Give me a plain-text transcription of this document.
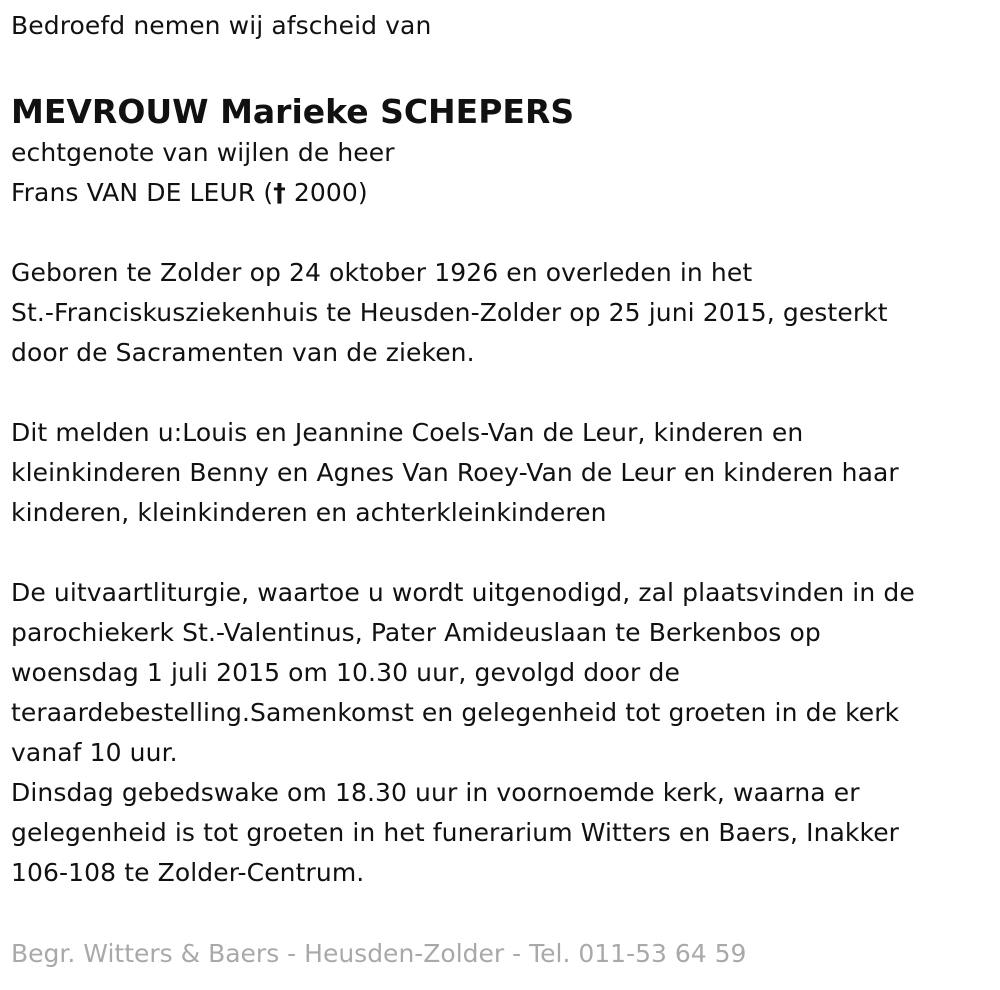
Bedroefd nemen wij afscheid van
MEVROUW Marieke SCHEPERS
echtgenote van wijlen de heer
Frans VAN DE LEUR († 2000)
Geboren te Zolder op 24 oktober 1926 en overleden in het
St.-Franciskusziekenhuis te Heusden-Zolder op 25 juni 2015, gesterkt
door de Sacramenten van de zieken.
Dit melden u:Louis en Jeannine Coels-Van de Leur, kinderen en
kleinkinderen Benny en Agnes Van Roey-Van de Leur en kinderen haar
kinderen, kleinkinderen en achterkleinkinderen
De uitvaartliturgie, waartoe u wordt uitgenodigd, zal plaatsvinden in de
parochiekerk St.-Valentinus, Pater Amideuslaan te Berkenbos op
woensdag 1 juli 2015 om 10.30 uur, gevolgd door de
teraardebestelling.Samenkomst en gelegenheid tot groeten in de kerk
vanaf 10 uur.
Dinsdag gebedswake om 18.30 uur in voornoemde kerk, waarna er
gelegenheid is tot groeten in het funerarium Witters en Baers, Inakker
106-108 te Zolder-Centrum.
Begr. Witters & Baers - Heusden-Zolder - Tel. 011-53 64 59
